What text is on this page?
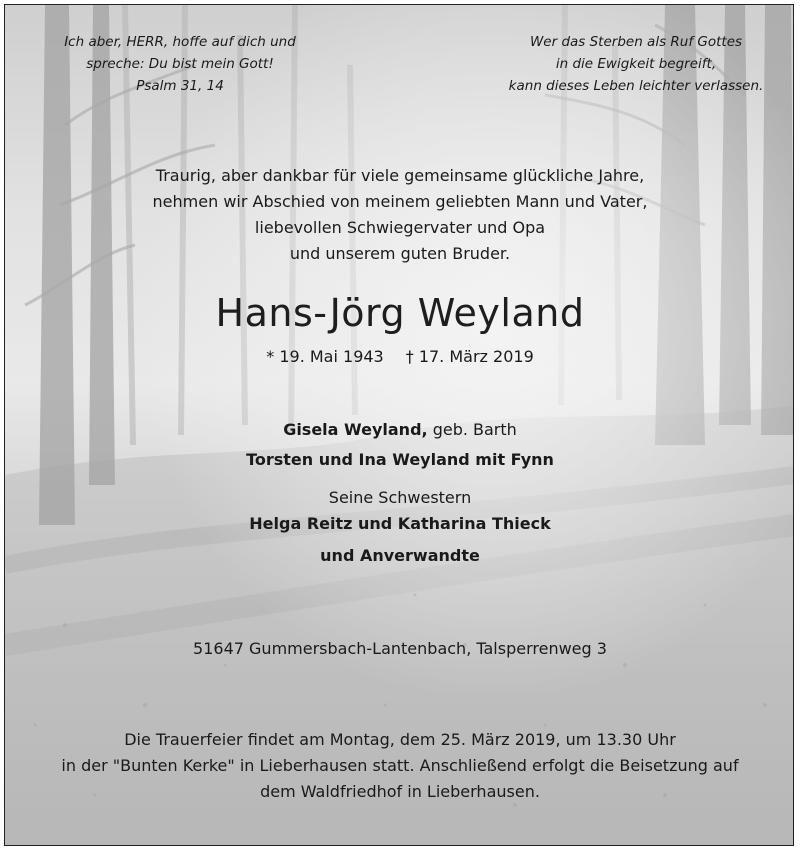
Ich aber, HERR, hoffe auf dich und
spreche: Du bist mein Gott!
Psalm 31, 14
Wer das Sterben als Ruf Gottes
in die Ewigkeit begreift,
kann dieses Leben leichter verlassen.
Traurig, aber dankbar für viele gemeinsame glückliche Jahre,
nehmen wir Abschied von meinem geliebten Mann und Vater,
liebevollen Schwiegervater und Opa
und unserem guten Bruder.
Hans-Jörg Weyland
* 19. Mai 1943 † 17. März 2019
Gisela Weyland, geb. Barth
Torsten und Ina Weyland mit Fynn
Seine Schwestern
Helga Reitz und Katharina Thieck
und Anverwandte
51647 Gummersbach-Lantenbach, Talsperrenweg 3
Die Trauerfeier findet am Montag, dem 25. März 2019, um 13.30 Uhr
in der "Bunten Kerke" in Lieberhausen statt. Anschließend erfolgt die Beisetzung auf
dem Waldfriedhof in Lieberhausen.
